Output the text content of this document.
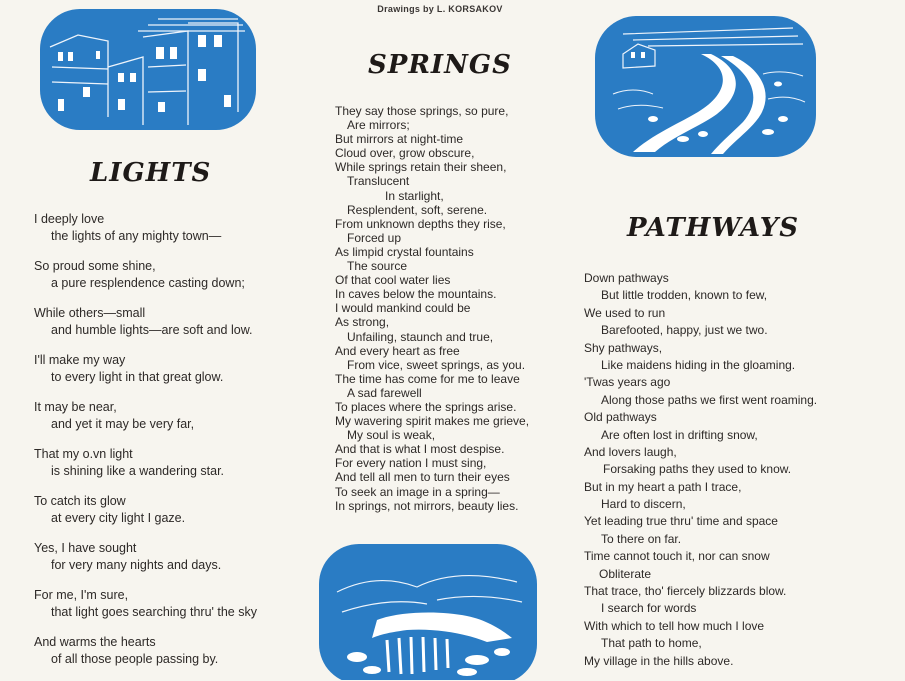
Drawings by L. KORSAKOV
LIGHTS
I deeply love
the lights of any mighty town—
So proud some shine,
a pure resplendence casting down;
While others—small
and humble lights—are soft and low.
I'll make my way
to every light in that great glow.
It may be near,
and yet it may be very far,
That my o.vn light
is shining like a wandering star.
To catch its glow
at every city light I gaze.
Yes, I have sought
for very many nights and days.
For me, I'm sure,
that light goes searching thru' the sky
And warms the hearts
of all those people passing by.
SPRINGS
They say those springs, so pure,
Are mirrors;
But mirrors at night-time
Cloud over, grow obscure,
While springs retain their sheen,
Translucent
In starlight,
Resplendent, soft, serene.
From unknown depths they rise,
Forced up
As limpid crystal fountains
The source
Of that cool water lies
In caves below the mountains.
I would mankind could be
As strong,
Unfailing, staunch and true,
And every heart as free
From vice, sweet springs, as you.
The time has come for me to leave
A sad farewell
To places where the springs arise.
My wavering spirit makes me grieve,
My soul is weak,
And that is what I most despise.
For every nation I must sing,
And tell all men to turn their eyes
To seek an image in a spring—
In springs, not mirrors, beauty lies.
PATHWAYS
Down pathways
But little trodden, known to few,
We used to run
Barefooted, happy, just we two.
Shy pathways,
Like maidens hiding in the gloaming.
'Twas years ago
Along those paths we first went roaming.
Old pathways
Are often lost in drifting snow,
And lovers laugh,
Forsaking paths they used to know.
But in my heart a path I trace,
Hard to discern,
Yet leading true thru' time and space
To there on far.
Time cannot touch it, nor can snow
Obliterate
That trace, tho' fiercely blizzards blow.
I search for words
With which to tell how much I love
That path to home,
My village in the hills above.
